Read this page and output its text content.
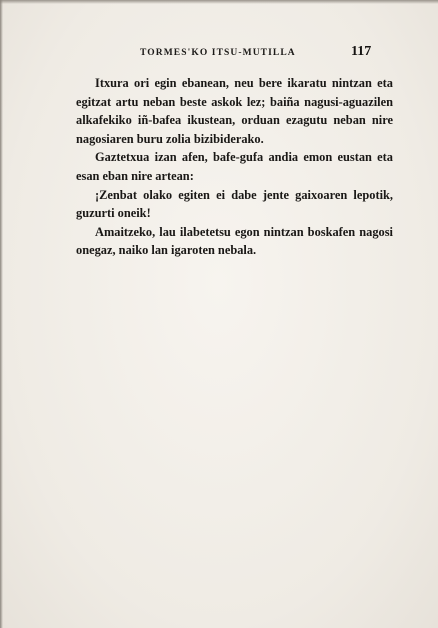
TORMES'KO ITSU-MUTILLA	117
Itxura ori egin ebanean, neu bere ikaratu nintzan eta
egitzat artu neban beste askok lez; baiña nagusi-aguazilen
alkafekiko iñ-bafea ikustean, orduan ezagutu neban nire
nagosiaren buru zolia bizibiderako.
Gaztetxua izan afen, bafe-gufa andia emon eustan eta
esan eban nire artean:
¡Zenbat olako egiten ei dabe jente gaixoaren lepotik,
guzurti oneik!
Amaitzeko, lau ilabetetsu egon nintzan boskafen nagosi
onegaz, naiko lan igaroten nebala.
